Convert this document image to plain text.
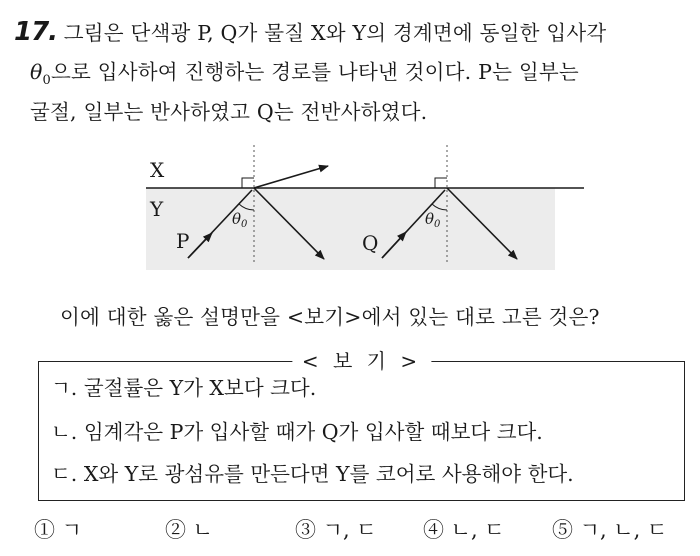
17. 그림은 단색광 P, Q가 물질 X와 Y의 경계면에 동일한 입사각
$\theta_0$으로 입사하여 진행하는 경로를 나타낸 것이다. P는 일부는
굴절, 일부는 반사하였고 Q는 전반사하였다.
X
Y
P	Q
$\theta_0$	$\theta_0$
이에 대한 옳은 설명만을 <보기>에서 있는 대로 고른 것은?
< 보 기 >
ㄱ. 굴절률은 Y가 X보다 크다.
ㄴ. 임계각은 P가 입사할 때가 Q가 입사할 때보다 크다.
ㄷ. X와 Y로 광섬유를 만든다면 Y를 코어로 사용해야 한다.
① ㄱ	② ㄴ	③ ㄱ, ㄷ ④ ㄴ, ㄷ ⑤ ㄱ, ㄴ, ㄷ
